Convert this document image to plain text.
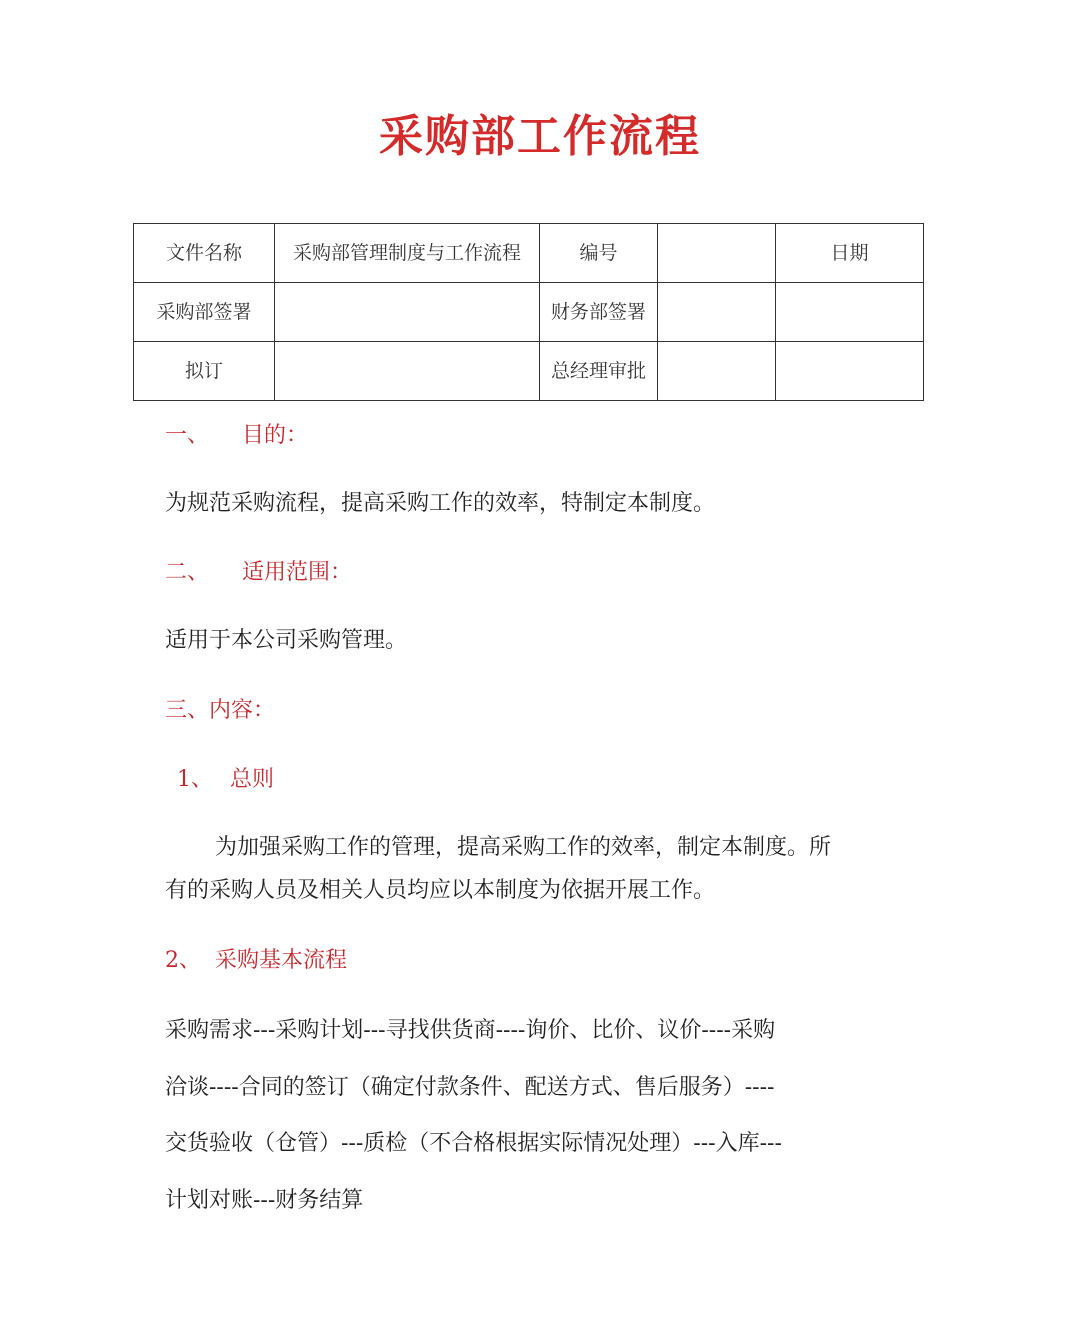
采购部工作流程
文件名称	采购部管理制度与工作流程	编号		日期
采购部签署		财务部签署		
拟订		总经理审批		
一、 目的：
为规范采购流程，提高采购工作的效率，特制定本制度。
二、 适用范围：
适用于本公司采购管理。
三、内容：
1、 总则
为加强采购工作的管理，提高采购工作的效率，制定本制度。所
有的采购人员及相关人员均应以本制度为依据开展工作。
2、 采购基本流程
采购需求---采购计划---寻找供货商----询价、比价、议价----采购
洽谈----合同的签订（确定付款条件、配送方式、售后服务）----
交货验收（仓管）---质检（不合格根据实际情况处理）---入库---
计划对账---财务结算
